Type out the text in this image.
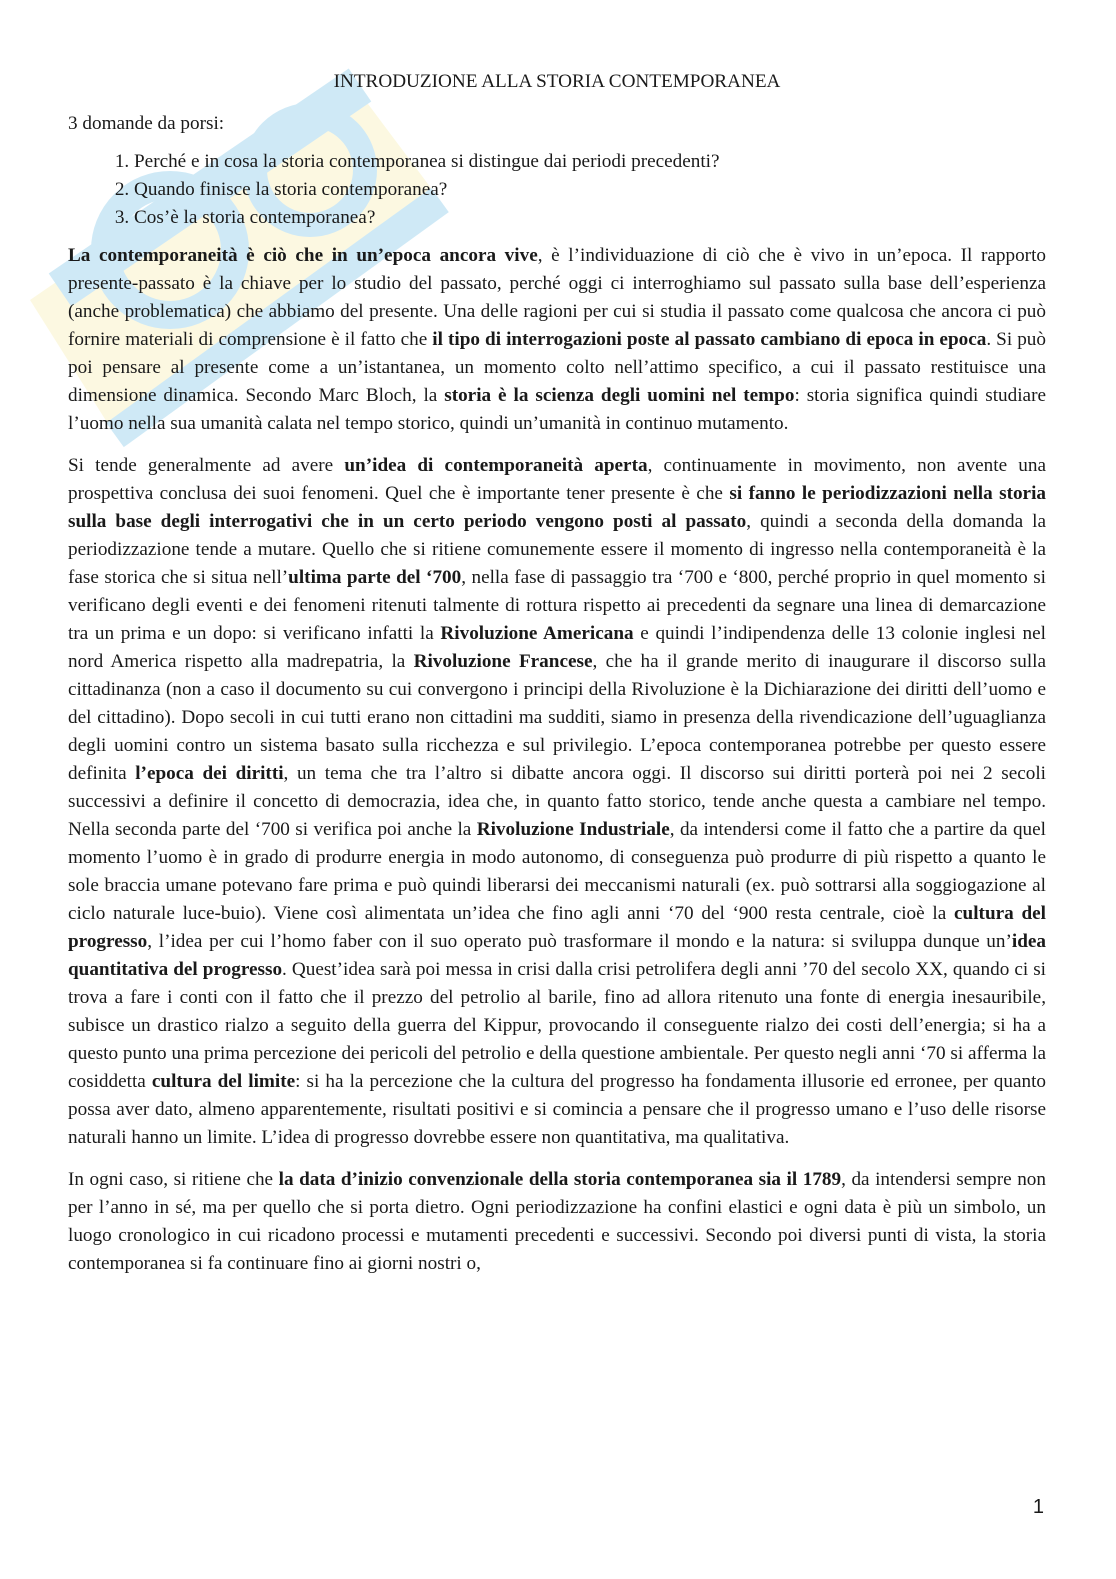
INTRODUZIONE ALLA STORIA CONTEMPORANEA
3 domande da porsi:
1. Perché e in cosa la storia contemporanea si distingue dai periodi precedenti?
2. Quando finisce la storia contemporanea?
3. Cos’è la storia contemporanea?

La contemporaneità è ciò che in un’epoca ancora vive, è l’individuazione di ciò che è vivo in un’epoca. Il rapporto presente-passato è la chiave per lo studio del passato, perché oggi ci interroghiamo sul passato sulla base dell’esperienza (anche problematica) che abbiamo del presente. Una delle ragioni per cui si studia il passato come qualcosa che ancora ci può fornire materiali di comprensione è il fatto che il tipo di interrogazioni poste al passato cambiano di epoca in epoca. Si può poi pensare al presente come a un’istantanea, un momento colto nell’attimo specifico, a cui il passato restituisce una dimensione dinamica. Secondo Marc Bloch, la storia è la scienza degli uomini nel tempo: storia significa quindi studiare l’uomo nella sua umanità calata nel tempo storico, quindi un’umanità in continuo mutamento.

Si tende generalmente ad avere un’idea di contemporaneità aperta, continuamente in movimento, non avente una prospettiva conclusa dei suoi fenomeni. Quel che è importante tener presente è che si fanno le periodizzazioni nella storia sulla base degli interrogativi che in un certo periodo vengono posti al passato, quindi a seconda della domanda la periodizzazione tende a mutare. Quello che si ritiene comunemente essere il momento di ingresso nella contemporaneità è la fase storica che si situa nell’ultima parte del ‘700, nella fase di passaggio tra ‘700 e ‘800, perché proprio in quel momento si verificano degli eventi e dei fenomeni ritenuti talmente di rottura rispetto ai precedenti da segnare una linea di demarcazione tra un prima e un dopo: si verificano infatti la Rivoluzione Americana e quindi l’indipendenza delle 13 colonie inglesi nel nord America rispetto alla madrepatria, la Rivoluzione Francese, che ha il grande merito di inaugurare il discorso sulla cittadinanza (non a caso il documento su cui convergono i principi della Rivoluzione è la Dichiarazione dei diritti dell’uomo e del cittadino). Dopo secoli in cui tutti erano non cittadini ma sudditi, siamo in presenza della rivendicazione dell’uguaglianza degli uomini contro un sistema basato sulla ricchezza e sul privilegio. L’epoca contemporanea potrebbe per questo essere definita l’epoca dei diritti, un tema che tra l’altro si dibatte ancora oggi. Il discorso sui diritti porterà poi nei 2 secoli successivi a definire il concetto di democrazia, idea che, in quanto fatto storico, tende anche questa a cambiare nel tempo. Nella seconda parte del ‘700 si verifica poi anche la Rivoluzione Industriale, da intendersi come il fatto che a partire da quel momento l’uomo è in grado di produrre energia in modo autonomo, di conseguenza può produrre di più rispetto a quanto le sole braccia umane potevano fare prima e può quindi liberarsi dei meccanismi naturali (ex. può sottrarsi alla soggiogazione al ciclo naturale luce-buio). Viene così alimentata un’idea che fino agli anni ‘70 del ‘900 resta centrale, cioè la cultura del progresso, l’idea per cui l’homo faber con il suo operato può trasformare il mondo e la natura: si sviluppa dunque un’idea quantitativa del progresso. Quest’idea sarà poi messa in crisi dalla crisi petrolifera degli anni ’70 del secolo XX, quando ci si trova a fare i conti con il fatto che il prezzo del petrolio al barile, fino ad allora ritenuto una fonte di energia inesauribile, subisce un drastico rialzo a seguito della guerra del Kippur, provocando il conseguente rialzo dei costi dell’energia; si ha a questo punto una prima percezione dei pericoli del petrolio e della questione ambientale. Per questo negli anni ‘70 si afferma la cosiddetta cultura del limite: si ha la percezione che la cultura del progresso ha fondamenta illusorie ed erronee, per quanto possa aver dato, almeno apparentemente, risultati positivi e si comincia a pensare che il progresso umano e l’uso delle risorse naturali hanno un limite. L’idea di progresso dovrebbe essere non quantitativa, ma qualitativa.

In ogni caso, si ritiene che la data d’inizio convenzionale della storia contemporanea sia il 1789, da intendersi sempre non per l’anno in sé, ma per quello che si porta dietro. Ogni periodizzazione ha confini elastici e ogni data è più un simbolo, un luogo cronologico in cui ricadono processi e mutamenti precedenti e successivi. Secondo poi diversi punti di vista, la storia contemporanea si fa continuare fino ai giorni nostri o,

1
